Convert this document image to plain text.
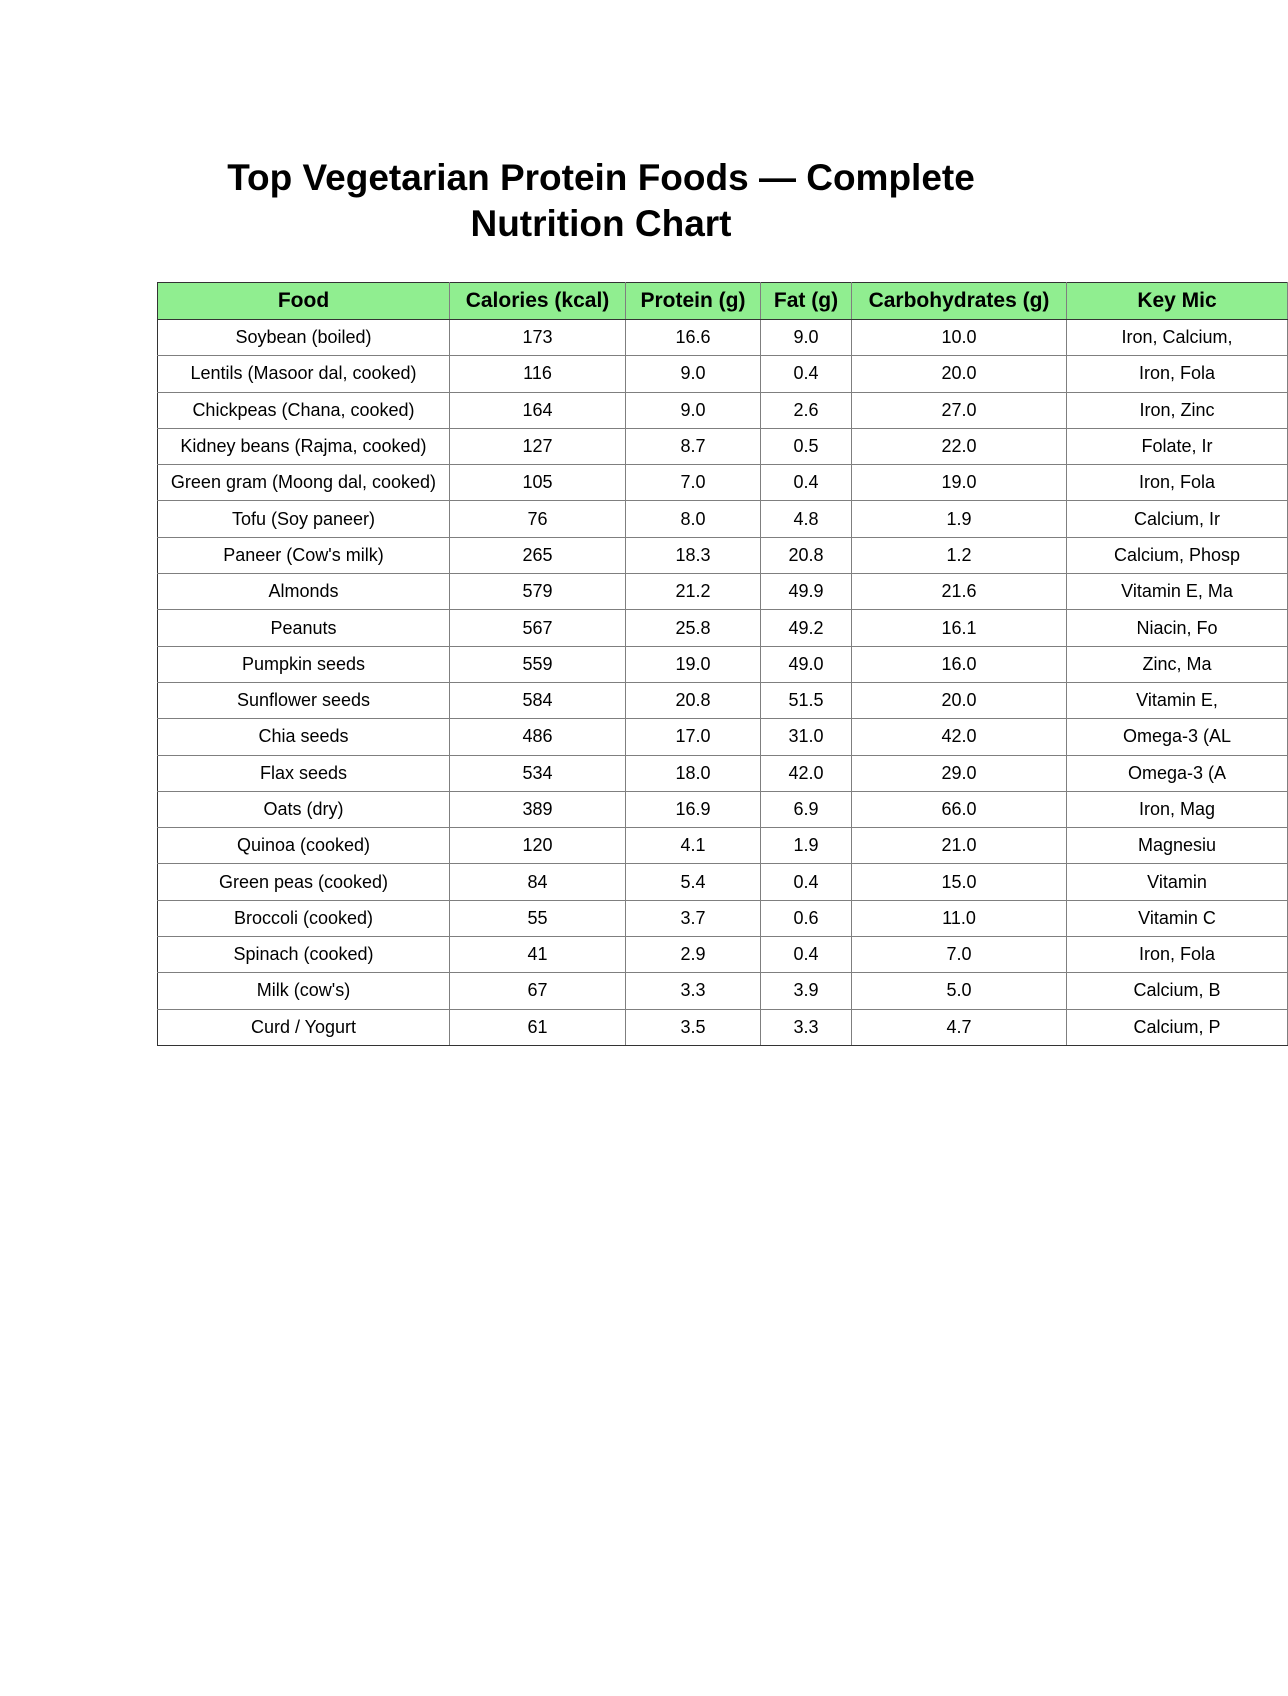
Top Vegetarian Protein Foods — Complete
Nutrition Chart
Food	Calories (kcal)	Protein (g)	Fat (g)	Carbohydrates (g)	Key Mic
Soybean (boiled)	173	16.6	9.0	10.0	Iron, Calcium,
Lentils (Masoor dal, cooked)	116	9.0	0.4	20.0	Iron, Fola
Chickpeas (Chana, cooked)	164	9.0	2.6	27.0	Iron, Zinc
Kidney beans (Rajma, cooked)	127	8.7	0.5	22.0	Folate, Ir
Green gram (Moong dal, cooked)	105	7.0	0.4	19.0	Iron, Fola
Tofu (Soy paneer)	76	8.0	4.8	1.9	Calcium, Ir
Paneer (Cow's milk)	265	18.3	20.8	1.2	Calcium, Phosp
Almonds	579	21.2	49.9	21.6	Vitamin E, Ma
Peanuts	567	25.8	49.2	16.1	Niacin, Fo
Pumpkin seeds	559	19.0	49.0	16.0	Zinc, Ma
Sunflower seeds	584	20.8	51.5	20.0	Vitamin E,
Chia seeds	486	17.0	31.0	42.0	Omega-3 (AL
Flax seeds	534	18.0	42.0	29.0	Omega-3 (A
Oats (dry)	389	16.9	6.9	66.0	Iron, Mag
Quinoa (cooked)	120	4.1	1.9	21.0	Magnesiu
Green peas (cooked)	84	5.4	0.4	15.0	Vitamin
Broccoli (cooked)	55	3.7	0.6	11.0	Vitamin C
Spinach (cooked)	41	2.9	0.4	7.0	Iron, Fola
Milk (cow's)	67	3.3	3.9	5.0	Calcium, B
Curd / Yogurt	61	3.5	3.3	4.7	Calcium, P
